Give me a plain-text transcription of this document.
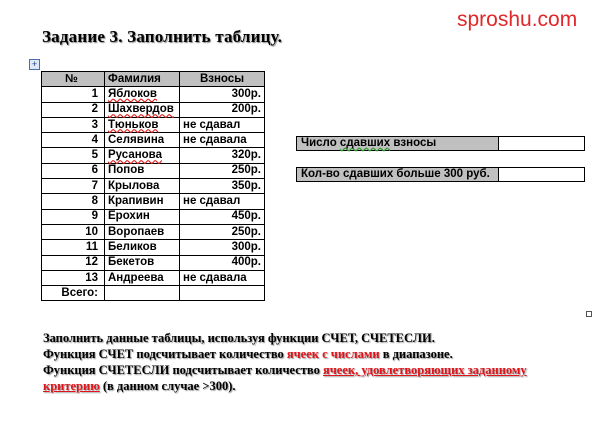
Задание 3. Заполнить таблицу.
sproshu.com
+
№	Фамилия	Взносы
1	Яблоков	300р.
2	Шахвердов	200р.
3	Тюньков	не сдавал
4	Селявина	не сдавала
5	Русанова	320р.
6	Попов	250р.
7	Крылова	350р.
8	Крапивин	не сдавал
9	Ерохин	450р.
10	Воропаев	250р.
11	Беликов	300р.
12	Бекетов	400р.
13	Андреева	не сдавала
Всего:		
Число сдавших взносы	
Кол-во сдавших больше 300 руб.	
Заполнить данные таблицы, используя функции СЧЕТ, СЧЕТЕСЛИ.
Функция СЧЕТ подсчитывает количество ячеек с числами в диапазоне.
Функция СЧЕТЕСЛИ подсчитывает количество ячеек, удовлетворяющих заданному
критерию (в данном случае >300).
